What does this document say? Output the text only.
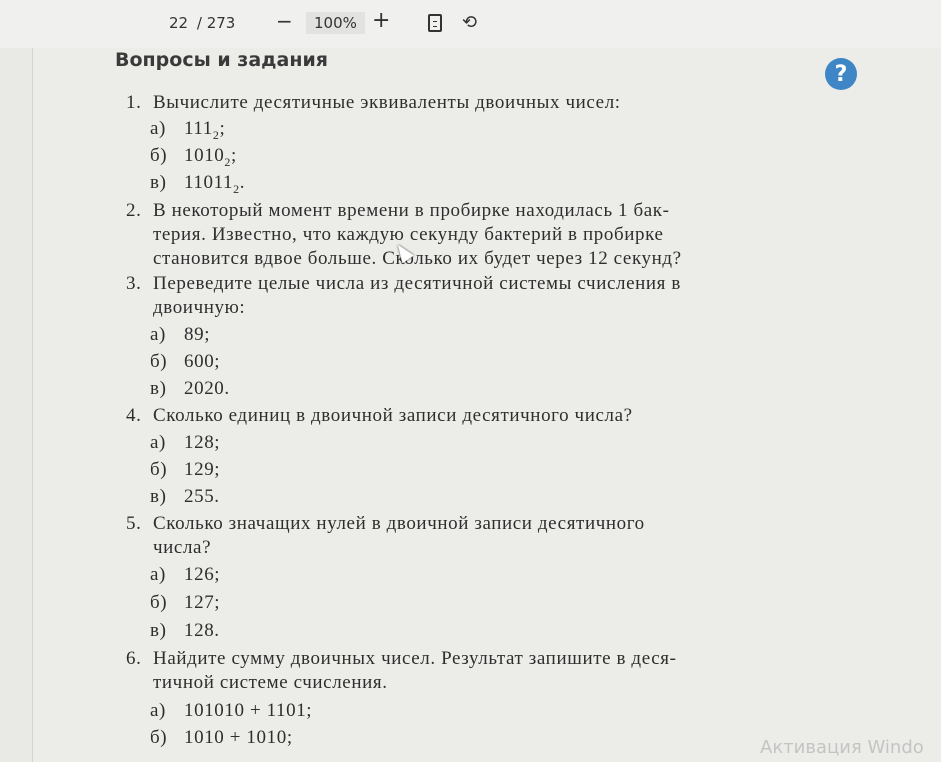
22 / 273 −	100% +	⟲
Вопросы и задания
?
1. Вычислите десятичные эквиваленты двоичных чисел:
а) $111_2$;
б) $1010_2$;
в) $11011_2$.
2. В некоторый момент времени в пробирке находилась 1 бак-
терия. Известно, что каждую секунду бактерий в пробирке
становится вдвое больше. Сколько их будет через 12 секунд?
3. Переведите целые числа из десятичной системы счисления в
двоичную:
а) 89;
б) 600;
в) 2020.
4. Сколько единиц в двоичной записи десятичного числа?
а) 128;
б) 129;
в) 255.
5. Сколько значащих нулей в двоичной записи десятичного
числа?
а) 126;
б) 127;
в) 128.
6. Найдите сумму двоичных чисел. Результат запишите в деся-
тичной системе счисления.
а) 101010 + 1101;
б) 1010 + 1010;	Активация Windo
